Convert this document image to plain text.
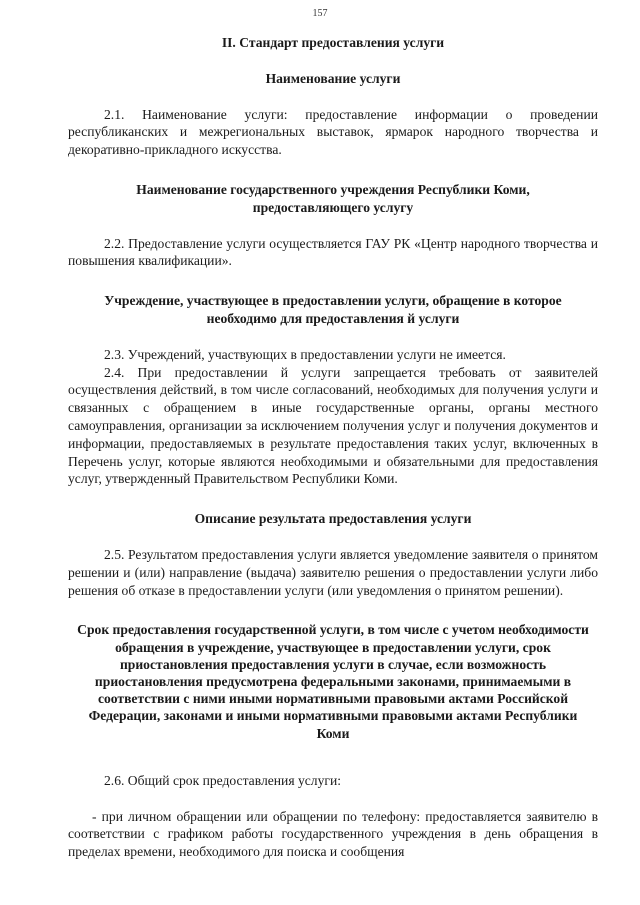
157

II. Стандарт предоставления услуги

Наименование услуги

2.1. Наименование услуги: предоставление информации о проведении республиканских и межрегиональных выставок, ярмарок народного творчества и декоративно-прикладного искусства.

Наименование государственного учреждения Республики Коми, предоставляющего услугу

2.2. Предоставление услуги осуществляется ГАУ РК «Центр народного творчества и повышения квалификации».

Учреждение, участвующее в предоставлении услуги, обращение в которое необходимо для предоставления й услуги

2.3. Учреждений, участвующих в предоставлении услуги не имеется.

2.4. При предоставлении й услуги запрещается требовать от заявителей осуществления действий, в том числе согласований, необходимых для получения услуги и связанных с обращением в иные государственные органы, органы местного самоуправления, организации за исключением получения услуг и получения документов и информации, предоставляемых в результате предоставления таких услуг, включенных в Перечень услуг, которые являются необходимыми и обязательными для предоставления услуг, утвержденный Правительством Республики Коми.

Описание результата предоставления услуги

2.5. Результатом предоставления услуги является уведомление заявителя о принятом решении и (или) направление (выдача) заявителю решения о предоставлении услуги либо решения об отказе в предоставлении услуги (или уведомления о принятом решении).

Срок предоставления государственной услуги, в том числе с учетом необходимости обращения в учреждение, участвующее в предоставлении услуги, срок приостановления предоставления услуги в случае, если возможность приостановления предусмотрена федеральными законами, принимаемыми в соответствии с ними иными нормативными правовыми актами Российской Федерации, законами и иными нормативными правовыми актами Республики Коми

2.6. Общий срок предоставления услуги:

- при личном обращении или обращении по телефону: предоставляется заявителю в соответствии с графиком работы государственного учреждения в день обращения в пределах времени, необходимого для поиска и сообщения
